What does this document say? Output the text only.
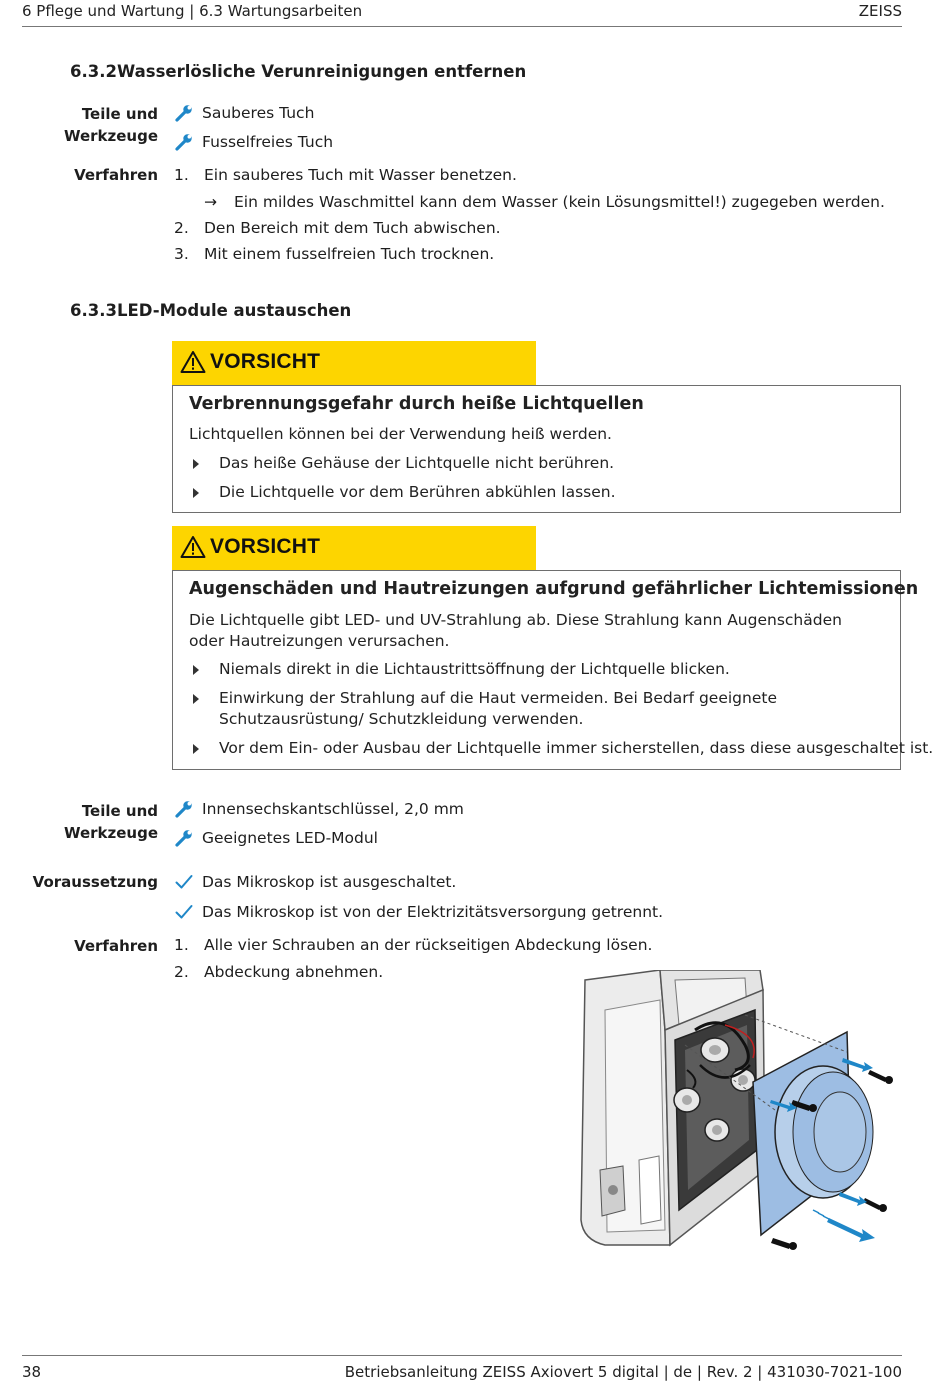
6 Pflege und Wartung | 6.3 Wartungsarbeiten	ZEISS
6.3.2 Wasserlösliche Verunreinigungen entfernen
Teile und Werkzeuge
Sauberes Tuch
Fusselfreies Tuch
Verfahren 1. Ein sauberes Tuch mit Wasser benetzen.
→ Ein mildes Waschmittel kann dem Wasser (kein Lösungsmittel!) zugegeben werden.
2. Den Bereich mit dem Tuch abwischen.
3. Mit einem fusselfreien Tuch trocknen.
6.3.3 LED-Module austauschen
VORSICHT
Verbrennungsgefahr durch heiße Lichtquellen
Lichtquellen können bei der Verwendung heiß werden.
Das heiße Gehäuse der Lichtquelle nicht berühren.
Die Lichtquelle vor dem Berühren abkühlen lassen.
VORSICHT
Augenschäden und Hautreizungen aufgrund gefährlicher Lichtemissionen
Die Lichtquelle gibt LED- und UV-Strahlung ab. Diese Strahlung kann Augenschäden oder Hautreizungen verursachen.
Niemals direkt in die Lichtaustrittsöffnung der Lichtquelle blicken.
Einwirkung der Strahlung auf die Haut vermeiden. Bei Bedarf geeignete Schutzausrüstung/ Schutzkleidung verwenden.
Vor dem Ein- oder Ausbau der Lichtquelle immer sicherstellen, dass diese ausgeschaltet ist.
Teile und Werkzeuge
Innensechskantschlüssel, 2,0 mm
Geeignetes LED-Modul
Voraussetzung	Das Mikroskop ist ausgeschaltet.
Das Mikroskop ist von der Elektrizitätsversorgung getrennt.
Verfahren 1. Alle vier Schrauben an der rückseitigen Abdeckung lösen.
2. Abdeckung abnehmen.
38	Betriebsanleitung ZEISS Axiovert 5 digital | de | Rev. 2 | 431030-7021-100
